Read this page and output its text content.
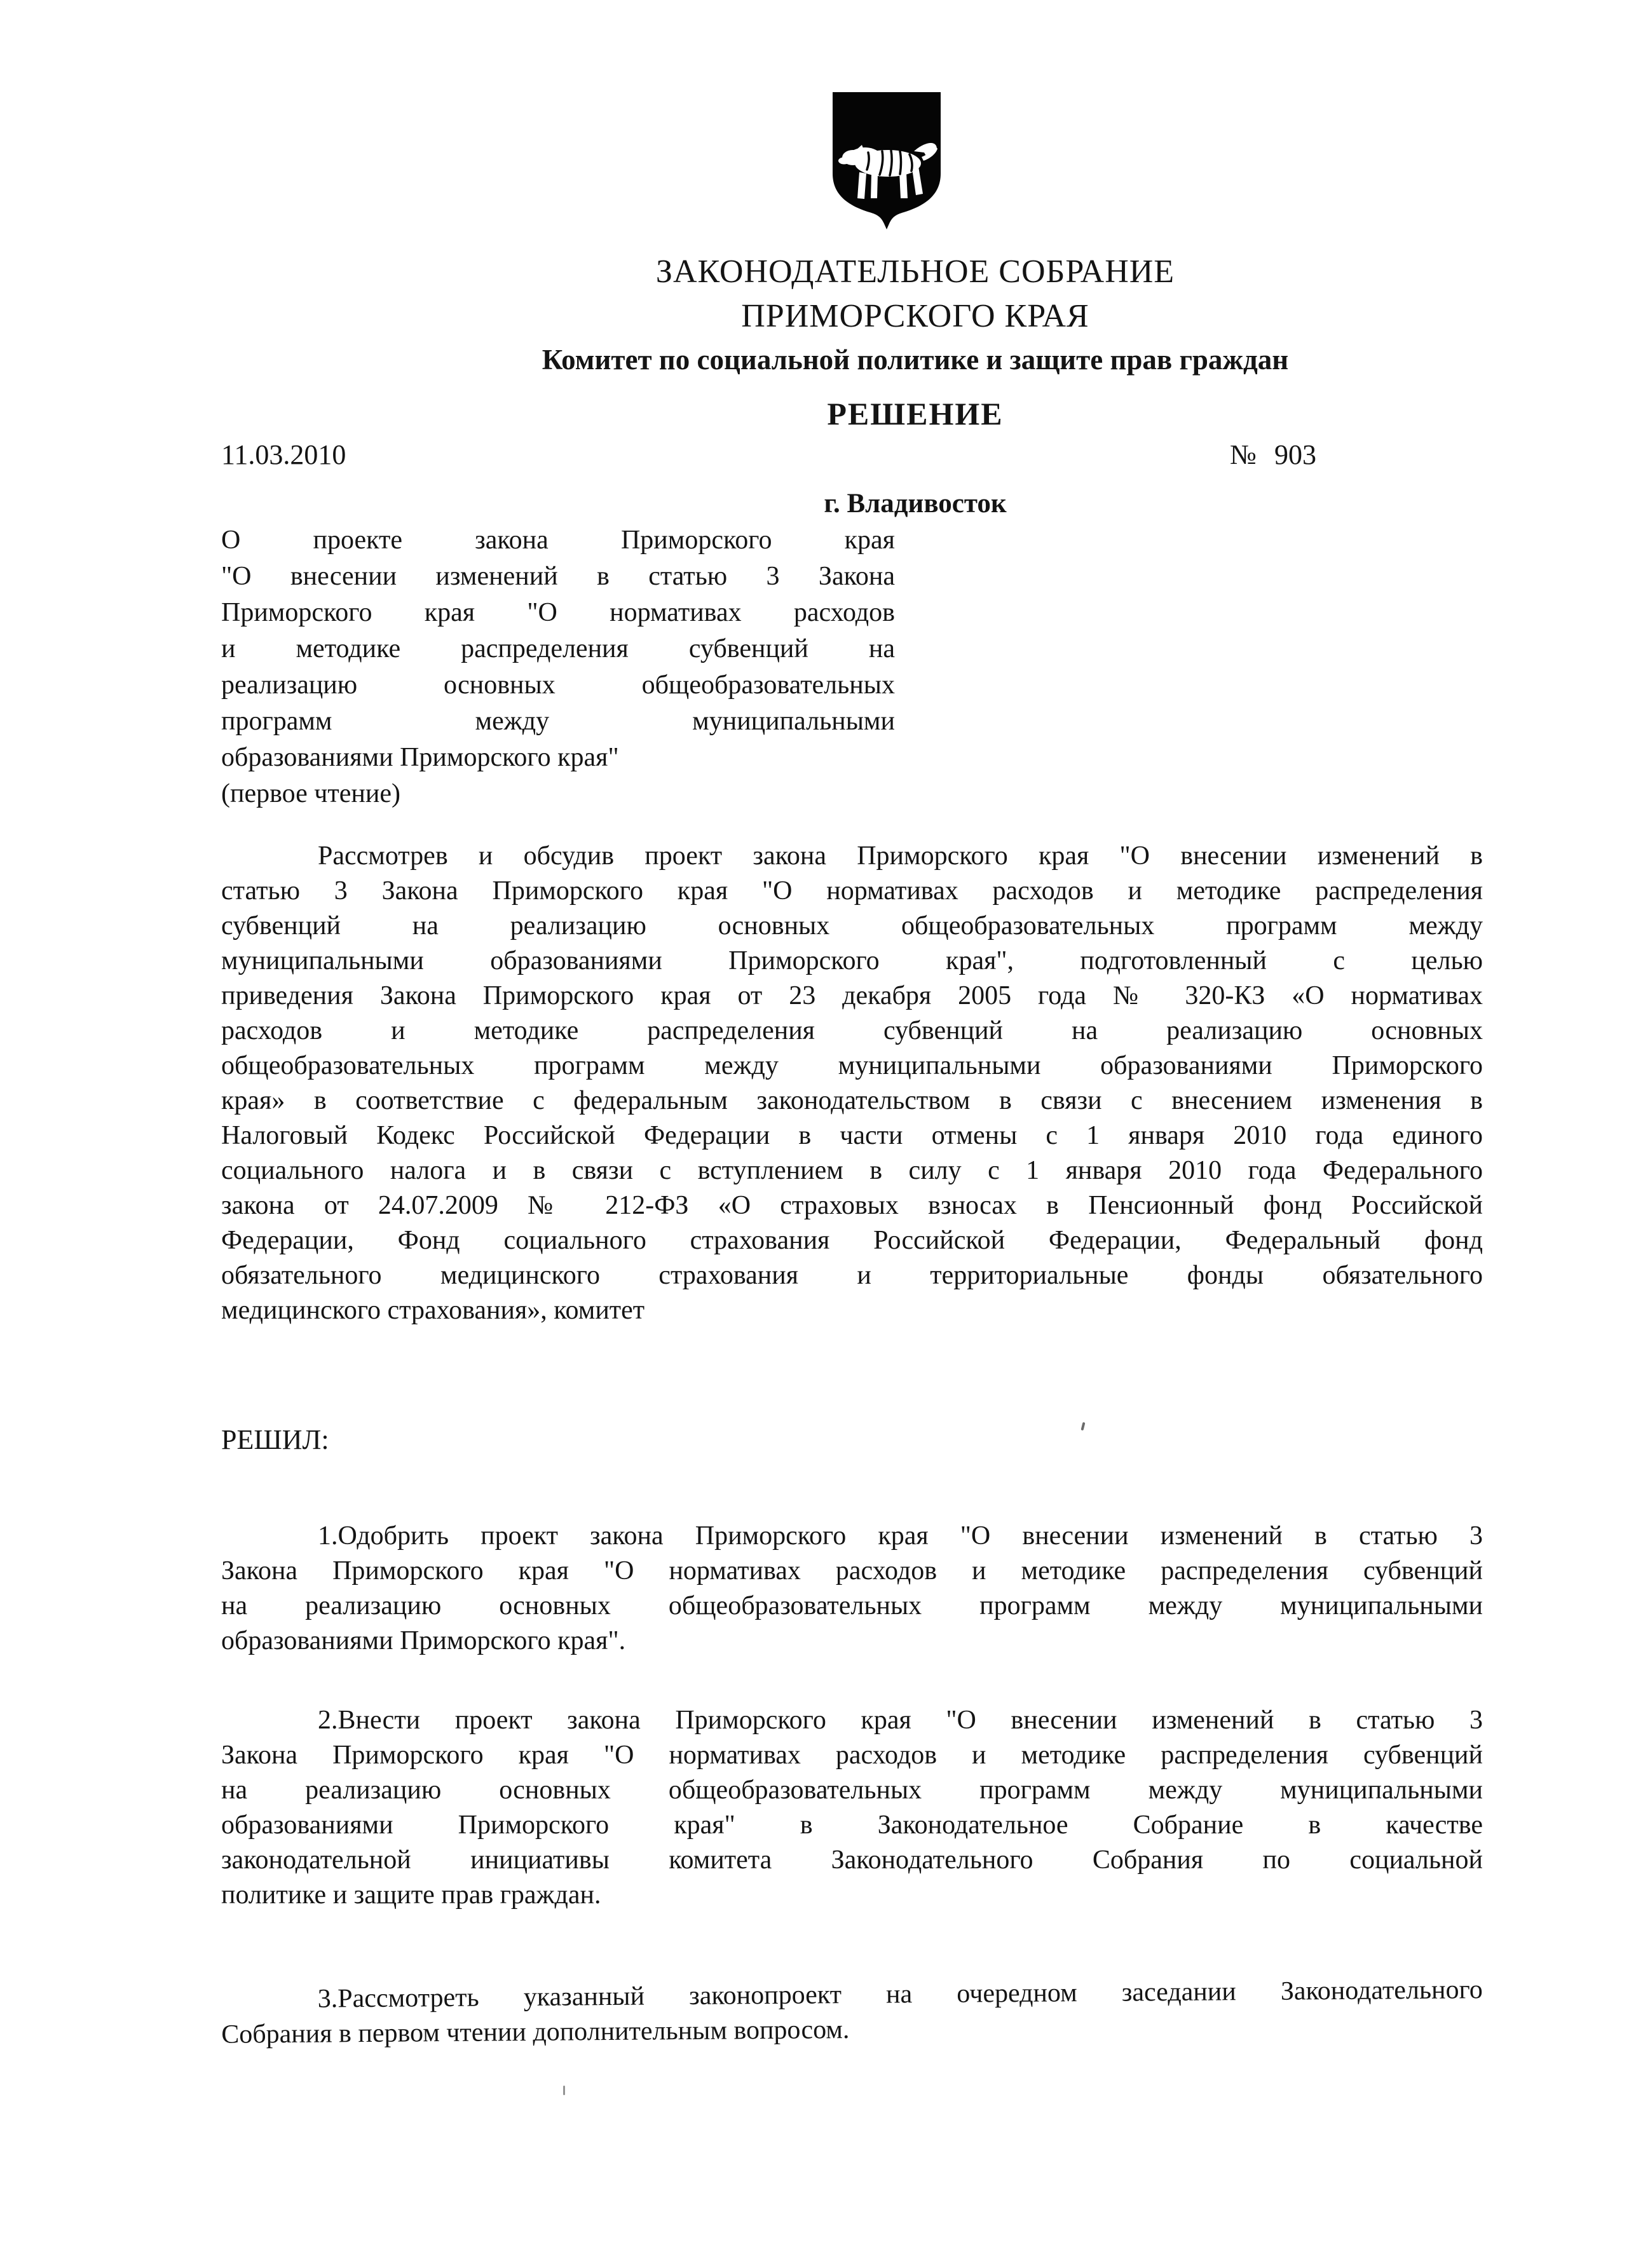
ЗАКОНОДАТЕЛЬНОЕ СОБРАНИЕ
ПРИМОРСКОГО КРАЯ
Комитет по социальной политике и защите прав граждан
РЕШЕНИЕ
11.03.2010	№ 903
г. Владивосток
О проекте закона Приморского края
"О внесении изменений в статью 3 Закона
Приморского края "О нормативах расходов
и методике распределения субвенций на
реализацию основных общеобразовательных
программ между муниципальными
образованиями Приморского края"
(первое чтение)
Рассмотрев и обсудив проект закона Приморского края "О внесении изменений в
статью 3 Закона Приморского края "О нормативах расходов и методике распределения
субвенций на реализацию основных общеобразовательных программ между
муниципальными образованиями Приморского края", подготовленный с целью
приведения Закона Приморского края от 23 декабря 2005 года № 320-КЗ «О нормативах
расходов и методике распределения субвенций на реализацию основных
общеобразовательных программ между муниципальными образованиями Приморского
края» в соответствие с федеральным законодательством в связи с внесением изменения в
Налоговый Кодекс Российской Федерации в части отмены с 1 января 2010 года единого
социального налога и в связи с вступлением в силу с 1 января 2010 года Федерального
закона от 24.07.2009 № 212-ФЗ «О страховых взносах в Пенсионный фонд Российской
Федерации, Фонд социального страхования Российской Федерации, Федеральный фонд
обязательного медицинского страхования и территориальные фонды обязательного
медицинского страхования», комитет
РЕШИЛ:
1.Одобрить проект закона Приморского края "О внесении изменений в статью 3
Закона Приморского края "О нормативах расходов и методике распределения субвенций
на реализацию основных общеобразовательных программ между муниципальными
образованиями Приморского края".
2.Внести проект закона Приморского края "О внесении изменений в статью 3
Закона Приморского края "О нормативах расходов и методике распределения субвенций
на реализацию основных общеобразовательных программ между муниципальными
образованиями Приморского края" в Законодательное Собрание в качестве
законодательной инициативы комитета Законодательного Собрания по социальной
политике и защите прав граждан.
3.Рассмотреть указанный законопроект на очередном заседании Законодательного
Собрания в первом чтении дополнительным вопросом.
